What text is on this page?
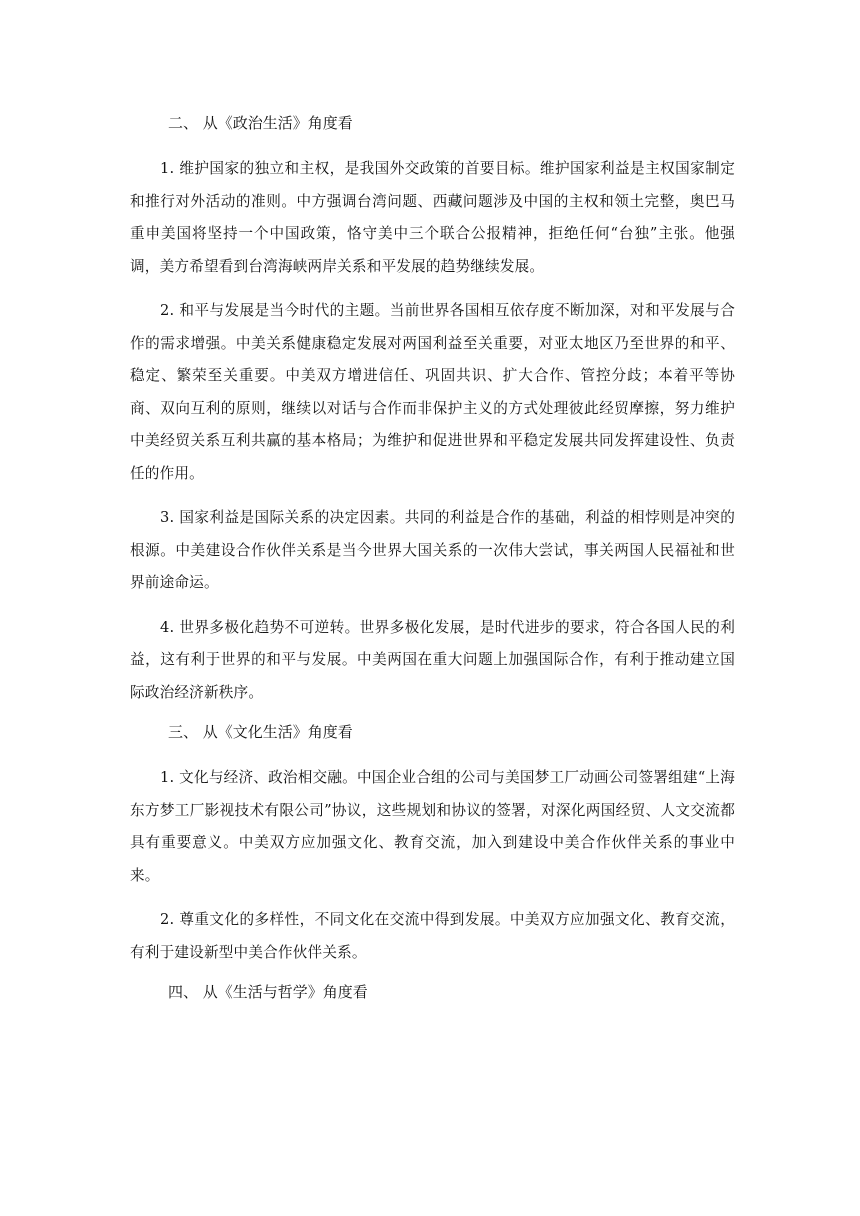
二、 从《政治生活》角度看

1. 维护国家的独立和主权，是我国外交政策的首要目标。维护国家利益是主权国家制定和推行对外活动的准则。中方强调台湾问题、西藏问题涉及中国的主权和领土完整，奥巴马重申美国将坚持一个中国政策，恪守美中三个联合公报精神，拒绝任何“台独”主张。他强调，美方希望看到台湾海峡两岸关系和平发展的趋势继续发展。

2. 和平与发展是当今时代的主题。当前世界各国相互依存度不断加深，对和平发展与合作的需求增强。中美关系健康稳定发展对两国利益至关重要，对亚太地区乃至世界的和平、稳定、繁荣至关重要。中美双方增进信任、巩固共识、扩大合作、管控分歧；本着平等协商、双向互利的原则，继续以对话与合作而非保护主义的方式处理彼此经贸摩擦，努力维护中美经贸关系互利共赢的基本格局；为维护和促进世界和平稳定发展共同发挥建设性、负责任的作用。

3. 国家利益是国际关系的决定因素。共同的利益是合作的基础，利益的相悖则是冲突的根源。中美建设合作伙伴关系是当今世界大国关系的一次伟大尝试，事关两国人民福祉和世界前途命运。

4. 世界多极化趋势不可逆转。世界多极化发展，是时代进步的要求，符合各国人民的利益，这有利于世界的和平与发展。中美两国在重大问题上加强国际合作，有利于推动建立国际政治经济新秩序。

三、 从《文化生活》角度看

1. 文化与经济、政治相交融。中国企业合组的公司与美国梦工厂动画公司签署组建“上海东方梦工厂影视技术有限公司”协议，这些规划和协议的签署，对深化两国经贸、人文交流都具有重要意义。中美双方应加强文化、教育交流，加入到建设中美合作伙伴关系的事业中来。

2. 尊重文化的多样性，不同文化在交流中得到发展。中美双方应加强文化、教育交流，有利于建设新型中美合作伙伴关系。

四、 从《生活与哲学》角度看
